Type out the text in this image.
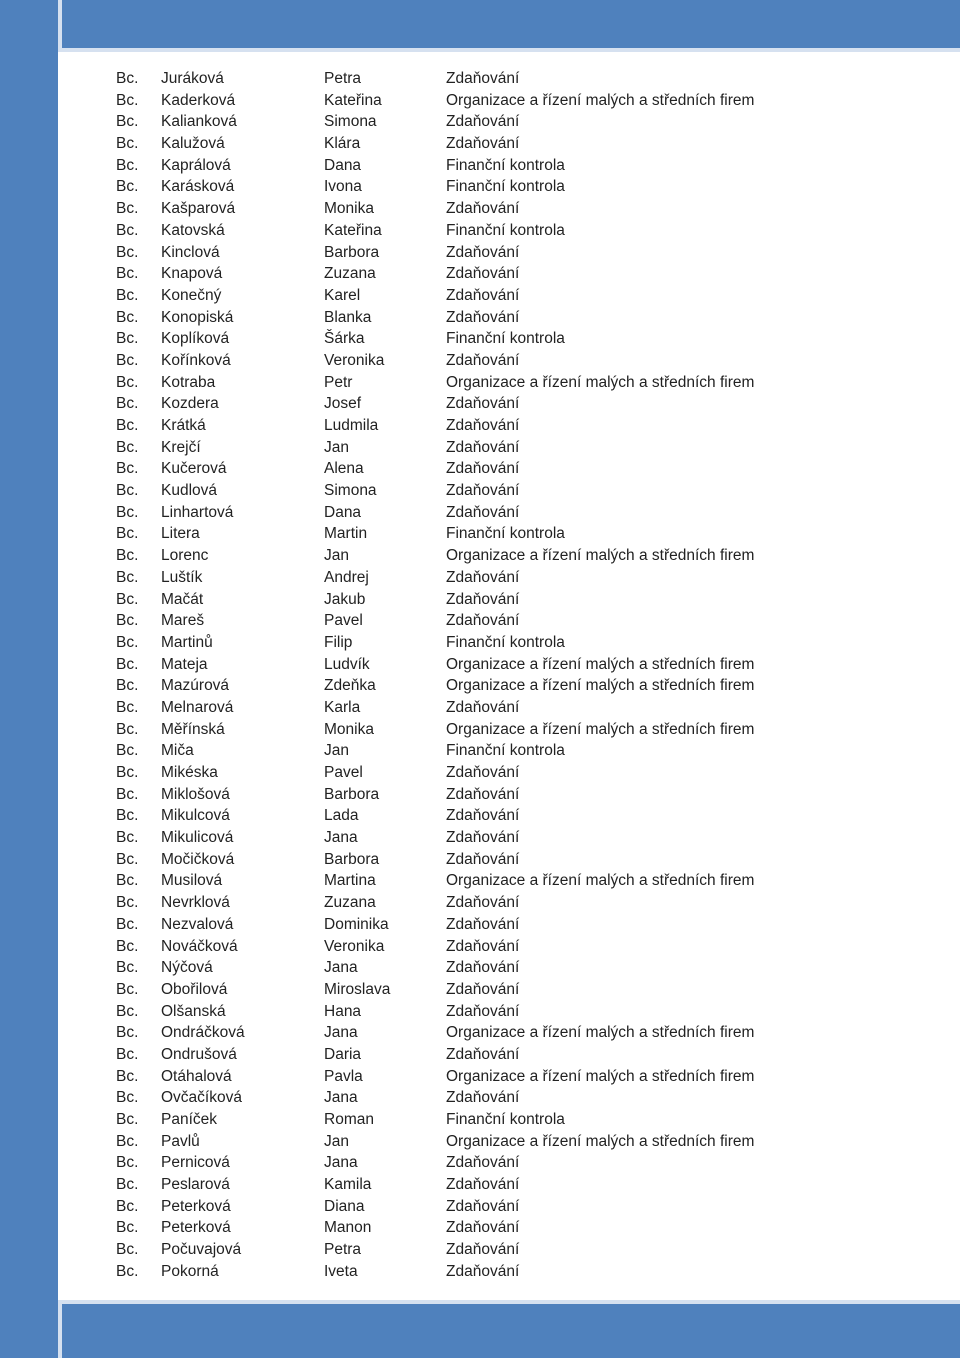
Bc. Juráková	Petra	Zdaňování
Bc. Kaderková	Kateřina	Organizace a řízení malých a středních firem
Bc. Kalianková	Simona	Zdaňování
Bc. Kalužová	Klára	Zdaňování
Bc. Kaprálová	Dana	Finanční kontrola
Bc. Karásková	Ivona	Finanční kontrola
Bc. Kašparová	Monika	Zdaňování
Bc. Katovská	Kateřina	Finanční kontrola
Bc. Kinclová	Barbora	Zdaňování
Bc. Knapová	Zuzana	Zdaňování
Bc. Konečný	Karel	Zdaňování
Bc. Konopiská	Blanka	Zdaňování
Bc. Koplíková	Šárka	Finanční kontrola
Bc. Kořínková	Veronika	Zdaňování
Bc. Kotraba	Petr	Organizace a řízení malých a středních firem
Bc. Kozdera	Josef	Zdaňování
Bc. Krátká	Ludmila	Zdaňování
Bc. Krejčí	Jan	Zdaňování
Bc. Kučerová	Alena	Zdaňování
Bc. Kudlová	Simona	Zdaňování
Bc. Linhartová	Dana	Zdaňování
Bc. Litera	Martin	Finanční kontrola
Bc. Lorenc	Jan	Organizace a řízení malých a středních firem
Bc. Luštík	Andrej	Zdaňování
Bc. Mačát	Jakub	Zdaňování
Bc. Mareš	Pavel	Zdaňování
Bc. Martinů	Filip	Finanční kontrola
Bc. Mateja	Ludvík	Organizace a řízení malých a středních firem
Bc. Mazúrová	Zdeňka	Organizace a řízení malých a středních firem
Bc. Melnarová	Karla	Zdaňování
Bc. Měřínská	Monika	Organizace a řízení malých a středních firem
Bc. Miča	Jan	Finanční kontrola
Bc. Mikéska	Pavel	Zdaňování
Bc. Miklošová	Barbora	Zdaňování
Bc. Mikulcová	Lada	Zdaňování
Bc. Mikulicová	Jana	Zdaňování
Bc. Močičková	Barbora	Zdaňování
Bc. Musilová	Martina	Organizace a řízení malých a středních firem
Bc. Nevrklová	Zuzana	Zdaňování
Bc. Nezvalová	Dominika	Zdaňování
Bc. Nováčková	Veronika	Zdaňování
Bc. Nýčová	Jana	Zdaňování
Bc. Obořilová	Miroslava	Zdaňování
Bc. Olšanská	Hana	Zdaňování
Bc. Ondráčková	Jana	Organizace a řízení malých a středních firem
Bc. Ondrušová	Daria	Zdaňování
Bc. Otáhalová	Pavla	Organizace a řízení malých a středních firem
Bc. Ovčačíková	Jana	Zdaňování
Bc. Paníček	Roman	Finanční kontrola
Bc. Pavlů	Jan	Organizace a řízení malých a středních firem
Bc. Pernicová	Jana	Zdaňování
Bc. Peslarová	Kamila	Zdaňování
Bc. Peterková	Diana	Zdaňování
Bc. Peterková	Manon	Zdaňování
Bc. Počuvajová	Petra	Zdaňování
Bc. Pokorná	Iveta	Zdaňování
